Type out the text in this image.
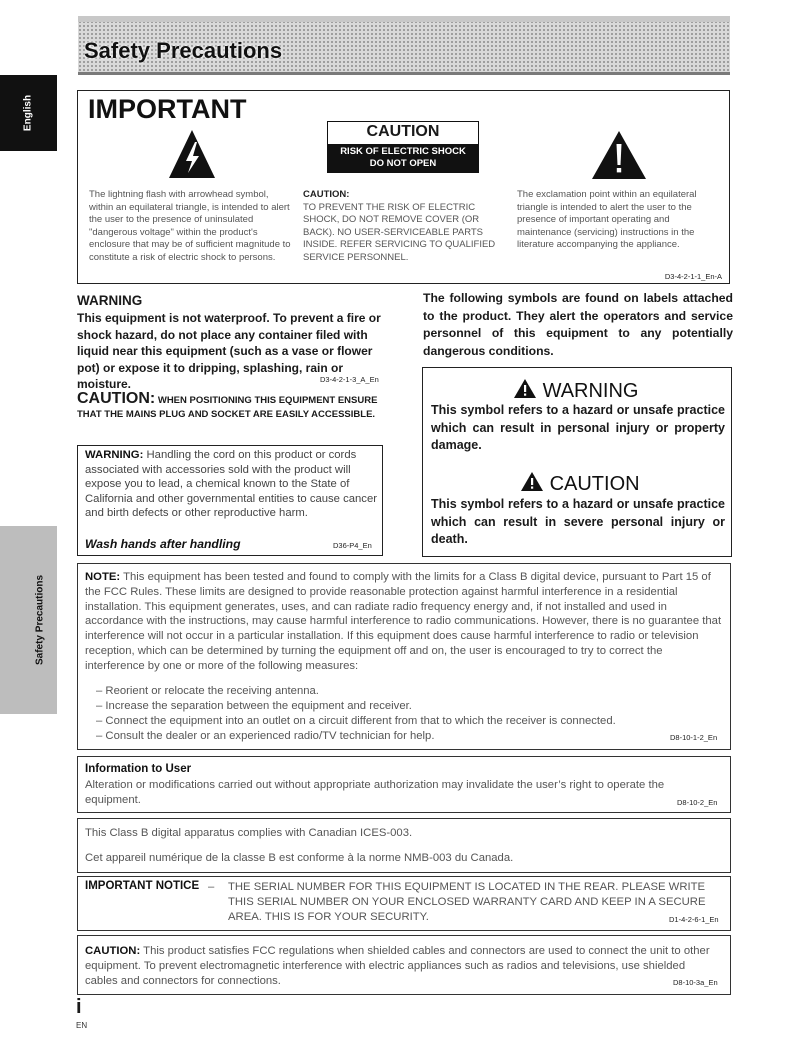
Safety Precautions
English
Safety Precautions
IMPORTANT
CAUTION
RISK OF ELECTRIC SHOCK
DO NOT OPEN
The lightning flash with arrowhead symbol, within an equilateral triangle, is intended to alert the user to the presence of uninsulated "dangerous voltage" within the product's enclosure that may be of sufficient magnitude to constitute a risk of electric shock to persons.
CAUTION:
TO PREVENT THE RISK OF ELECTRIC SHOCK, DO NOT REMOVE COVER (OR BACK). NO USER-SERVICEABLE PARTS INSIDE. REFER SERVICING TO QUALIFIED SERVICE PERSONNEL.
The exclamation point within an equilateral triangle is intended to alert the user to the presence of important operating and maintenance (servicing) instructions in the literature accompanying the appliance.
D3-4-2-1-1_En-A
WARNING
This equipment is not waterproof. To prevent a fire or shock hazard, do not place any container filed with liquid near this equipment (such as a vase or flower pot) or expose it to dripping, splashing, rain or moisture.	D3-4-2-1-3_A_En
CAUTION: WHEN POSITIONING THIS EQUIPMENT ENSURE THAT THE MAINS PLUG AND SOCKET ARE EASILY ACCESSIBLE.
WARNING: Handling the cord on this product or cords associated with accessories sold with the product will expose you to lead, a chemical known to the State of California and other governmental entities to cause cancer and birth defects or other reproductive harm.
Wash hands after handling	D36-P4_En
The following symbols are found on labels attached to the product. They alert the operators and service personnel of this equipment to any potentially dangerous conditions.
WARNING
This symbol refers to a hazard or unsafe practice which can result in personal injury or property damage.
CAUTION
This symbol refers to a hazard or unsafe practice which can result in severe personal injury or death.
NOTE: This equipment has been tested and found to comply with the limits for a Class B digital device, pursuant to Part 15 of the FCC Rules. These limits are designed to provide reasonable protection against harmful interference in a residential installation. This equipment generates, uses, and can radiate radio frequency energy and, if not installed and used in accordance with the instructions, may cause harmful interference to radio communications. However, there is no guarantee that interference will not occur in a particular installation. If this equipment does cause harmful interference to radio or television reception, which can be determined by turning the equipment off and on, the user is encouraged to try to correct the interference by one or more of the following measures:
– Reorient or relocate the receiving antenna.
– Increase the separation between the equipment and receiver.
– Connect the equipment into an outlet on a circuit different from that to which the receiver is connected.
– Consult the dealer or an experienced radio/TV technician for help.	D8-10-1-2_En
Information to User
Alteration or modifications carried out without appropriate authorization may invalidate the user’s right to operate the equipment.	D8-10-2_En
This Class B digital apparatus complies with Canadian ICES-003.
Cet appareil numérique de la classe B est conforme à la norme NMB-003 du Canada.
IMPORTANT NOTICE – THE SERIAL NUMBER FOR THIS EQUIPMENT IS LOCATED IN THE REAR. PLEASE WRITE THIS SERIAL NUMBER ON YOUR ENCLOSED WARRANTY CARD AND KEEP IN A SECURE AREA. THIS IS FOR YOUR SECURITY.	D1-4-2-6-1_En
CAUTION: This product satisfies FCC regulations when shielded cables and connectors are used to connect the unit to other equipment. To prevent electromagnetic interference with electric appliances such as radios and televisions, use shielded cables and connectors for connections.	D8-10-3a_En
i
EN
